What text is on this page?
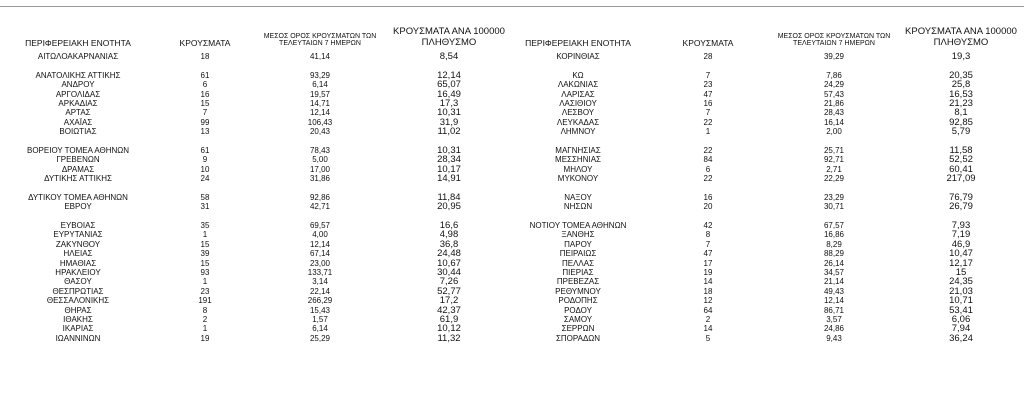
ΠΕΡΙΦΕΡΕΙΑΚΗ ΕΝΟΤΗΤΑ	ΚΡΟΥΣΜΑΤΑ
ΜΕΣΟΣ ΟΡΟΣ ΚΡΟΥΣΜΑΤΩΝ ΤΩΝ
ΤΕΛΕΥΤΑΙΩΝ 7 ΗΜΕΡΩΝ
ΚΡΟΥΣΜΑΤΑ ΑΝΑ 100000
ΠΛΗΘΥΣΜΟ
ΑΙΤΩΛΟΑΚΑΡΝΑΝΙΑΣ	18	41,14	8,54
ΑΝΑΤΟΛΙΚΗΣ ΑΤΤΙΚΗΣ	61	93,29	12,14
ΑΝΔΡΟΥ	6	6,14	65,07
ΑΡΓΟΛΙΔΑΣ	16	19,57	16,49
ΑΡΚΑΔΙΑΣ	15	14,71	17,3
ΑΡΤΑΣ	7	12,14	10,31
ΑΧΑΪΑΣ	99	106,43	31,9
ΒΟΙΩΤΙΑΣ	13	20,43	11,02
ΒΟΡΕΙΟΥ ΤΟΜΕΑ ΑΘΗΝΩΝ	61	78,43	10,31
ΓΡΕΒΕΝΩΝ	9	5,00	28,34
ΔΡΑΜΑΣ	10	17,00	10,17
ΔΥΤΙΚΗΣ ΑΤΤΙΚΗΣ	24	31,86	14,91
ΔΥΤΙΚΟΥ ΤΟΜΕΑ ΑΘΗΝΩΝ	58	92,86	11,84
ΕΒΡΟΥ	31	42,71	20,95
ΕΥΒΟΙΑΣ	35	69,57	16,6
ΕΥΡΥΤΑΝΙΑΣ	1	4,00	4,98
ΖΑΚΥΝΘΟΥ	15	12,14	36,8
ΗΛΕΙΑΣ	39	67,14	24,48
ΗΜΑΘΙΑΣ	15	23,00	10,67
ΗΡΑΚΛΕΙΟΥ	93	133,71	30,44
ΘΑΣΟΥ	1	3,14	7,26
ΘΕΣΠΡΩΤΙΑΣ	23	22,14	52,77
ΘΕΣΣΑΛΟΝΙΚΗΣ	191	266,29	17,2
ΘΗΡΑΣ	8	15,43	42,37
ΙΘΑΚΗΣ	2	1,57	61,9
ΙΚΑΡΙΑΣ	1	6,14	10,12
ΙΩΑΝΝΙΝΩΝ	19	25,29	11,32
ΠΕΡΙΦΕΡΕΙΑΚΗ ΕΝΟΤΗΤΑ	ΚΡΟΥΣΜΑΤΑ
ΜΕΣΟΣ ΟΡΟΣ ΚΡΟΥΣΜΑΤΩΝ ΤΩΝ
ΤΕΛΕΥΤΑΙΩΝ 7 ΗΜΕΡΩΝ
ΚΡΟΥΣΜΑΤΑ ΑΝΑ 100000
ΠΛΗΘΥΣΜΟ
ΚΟΡΙΝΘΙΑΣ	28	39,29	19,3
ΚΩ	7	7,86	20,35
ΛΑΚΩΝΙΑΣ	23	24,29	25,8
ΛΑΡΙΣΑΣ	47	57,43	16,53
ΛΑΣΙΘΙΟΥ	16	21,86	21,23
ΛΕΣΒΟΥ	7	28,43	8,1
ΛΕΥΚΑΔΑΣ	22	16,14	92,85
ΛΗΜΝΟΥ	1	2,00	5,79
ΜΑΓΝΗΣΙΑΣ	22	25,71	11,58
ΜΕΣΣΗΝΙΑΣ	84	92,71	52,52
ΜΗΛΟΥ	6	2,71	60,41
ΜΥΚΟΝΟΥ	22	22,29	217,09
ΝΑΞΟΥ	16	23,29	76,79
ΝΗΣΩΝ	20	30,71	26,79
ΝΟΤΙΟΥ ΤΟΜΕΑ ΑΘΗΝΩΝ	42	67,57	7,93
ΞΑΝΘΗΣ	8	16,86	7,19
ΠΑΡΟΥ	7	8,29	46,9
ΠΕΙΡΑΙΩΣ	47	88,29	10,47
ΠΕΛΛΑΣ	17	26,14	12,17
ΠΙΕΡΙΑΣ	19	34,57	15
ΠΡΕΒΕΖΑΣ	14	21,14	24,35
ΡΕΘΥΜΝΟΥ	18	49,43	21,03
ΡΟΔΟΠΗΣ	12	12,14	10,71
ΡΟΔΟΥ	64	86,71	53,41
ΣΑΜΟΥ	2	3,57	6,06
ΣΕΡΡΩΝ	14	24,86	7,94
ΣΠΟΡΑΔΩΝ	5	9,43	36,24
